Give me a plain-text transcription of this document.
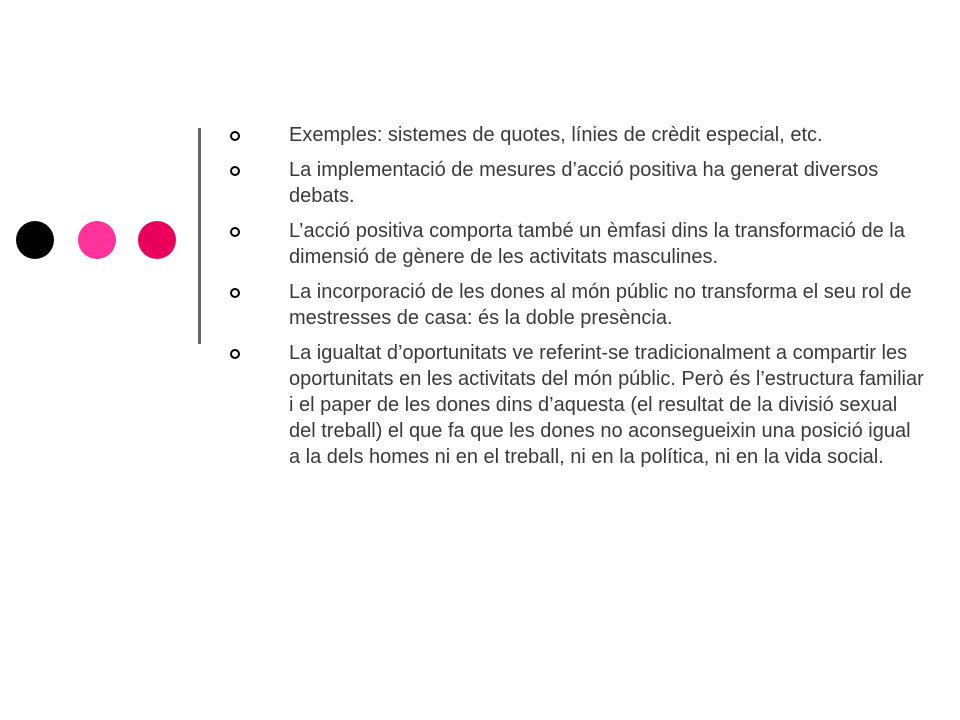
Exemples: sistemes de quotes, línies de crèdit especial, etc.
La implementació de mesures d’acció positiva ha generat diversos debats.
L’acció positiva comporta també un èmfasi dins la transformació de la dimensió de gènere de les activitats masculines.
La incorporació de les dones al món públic no transforma el seu rol de mestresses de casa: és la doble presència.
La igualtat d’oportunitats ve referint-se tradicionalment a compartir les oportunitats en les activitats del món públic. Però és l’estructura familiar i el paper de les dones dins d’aquesta (el resultat de la divisió sexual del treball) el que fa que les dones no aconsegueixin una posició igual a la dels homes ni en el treball, ni en la política, ni en la vida social.
